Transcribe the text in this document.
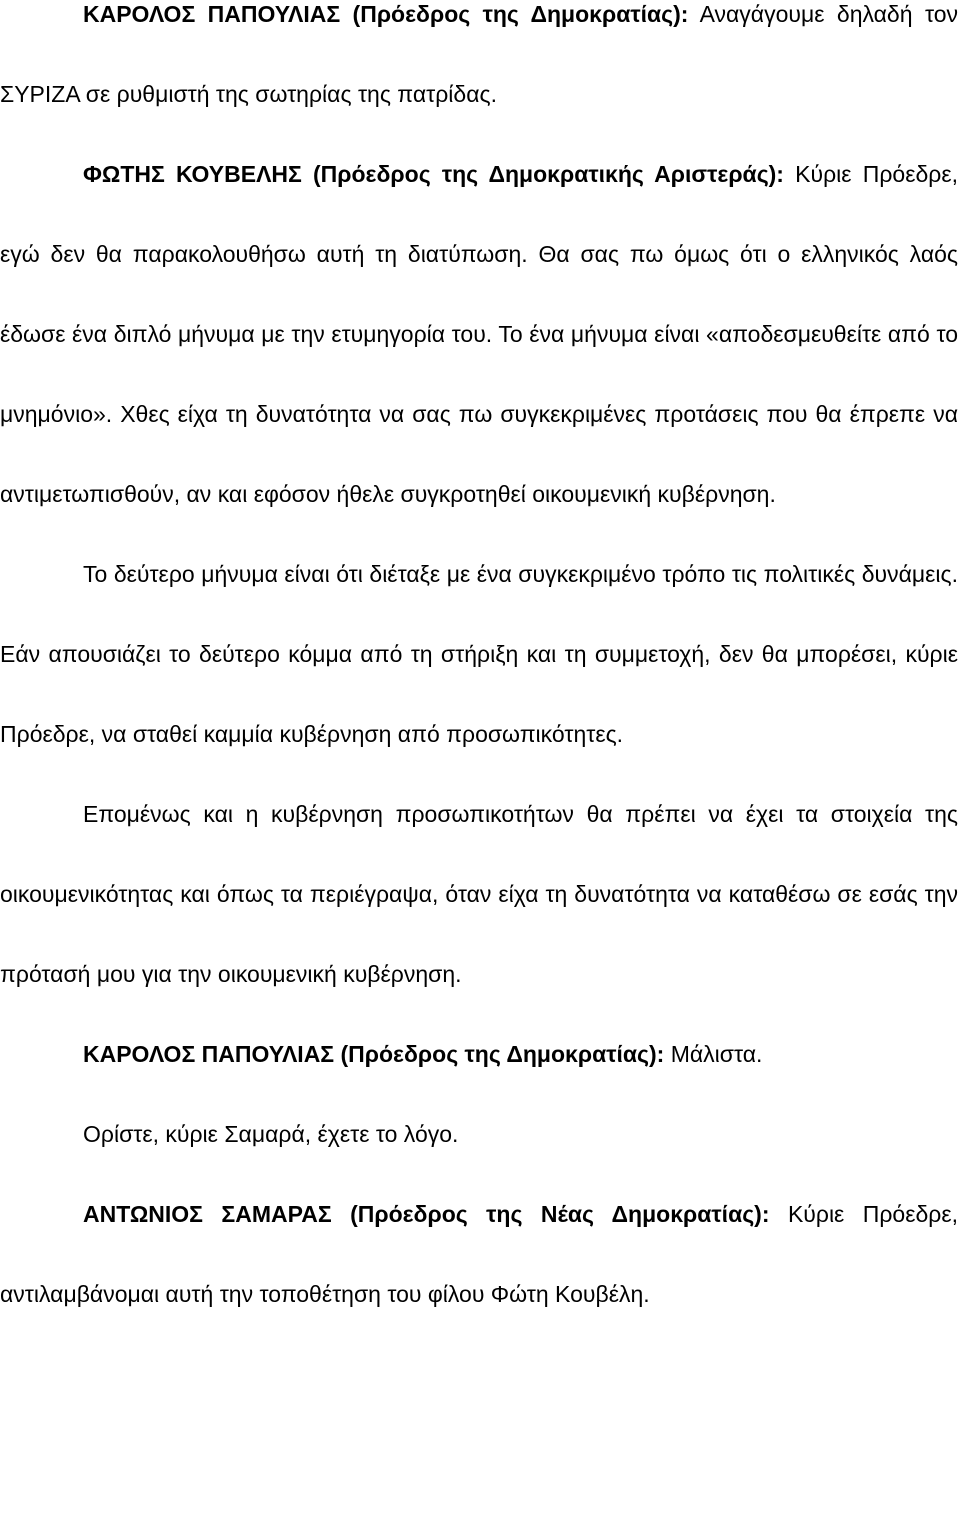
ΚΑΡΟΛΟΣ ΠΑΠΟΥΛΙΑΣ (Πρόεδρος της Δημοκρατίας): Αναγάγουμε δηλαδή τον ΣΥΡΙΖΑ σε ρυθμιστή της σωτηρίας της πατρίδας.

ΦΩΤΗΣ ΚΟΥΒΕΛΗΣ (Πρόεδρος της Δημοκρατικής Αριστεράς): Κύριε Πρόεδρε, εγώ δεν θα παρακολουθήσω αυτή τη διατύπωση. Θα σας πω όμως ότι ο ελληνικός λαός έδωσε ένα διπλό μήνυμα με την ετυμηγορία του. Το ένα μήνυμα είναι «αποδεσμευθείτε από το μνημόνιο». Χθες είχα τη δυνατότητα να σας πω συγκεκριμένες προτάσεις που θα έπρεπε να αντιμετωπισθούν, αν και εφόσον ήθελε συγκροτηθεί οικουμενική κυβέρνηση.

Το δεύτερο μήνυμα είναι ότι διέταξε με ένα συγκεκριμένο τρόπο τις πολιτικές δυνάμεις. Εάν απουσιάζει το δεύτερο κόμμα από τη στήριξη και τη συμμετοχή, δεν θα μπορέσει, κύριε Πρόεδρε, να σταθεί καμμία κυβέρνηση από προσωπικότητες.

Επομένως και η κυβέρνηση προσωπικοτήτων θα πρέπει να έχει τα στοιχεία της οικουμενικότητας και όπως τα περιέγραψα, όταν είχα τη δυνατότητα να καταθέσω σε εσάς την πρότασή μου για την οικουμενική κυβέρνηση.

ΚΑΡΟΛΟΣ ΠΑΠΟΥΛΙΑΣ (Πρόεδρος της Δημοκρατίας): Μάλιστα.

Ορίστε, κύριε Σαμαρά, έχετε το λόγο.

ΑΝΤΩΝΙΟΣ ΣΑΜΑΡΑΣ (Πρόεδρος της Νέας Δημοκρατίας): Κύριε Πρόεδρε, αντιλαμβάνομαι αυτή την τοποθέτηση του φίλου Φώτη Κουβέλη.
